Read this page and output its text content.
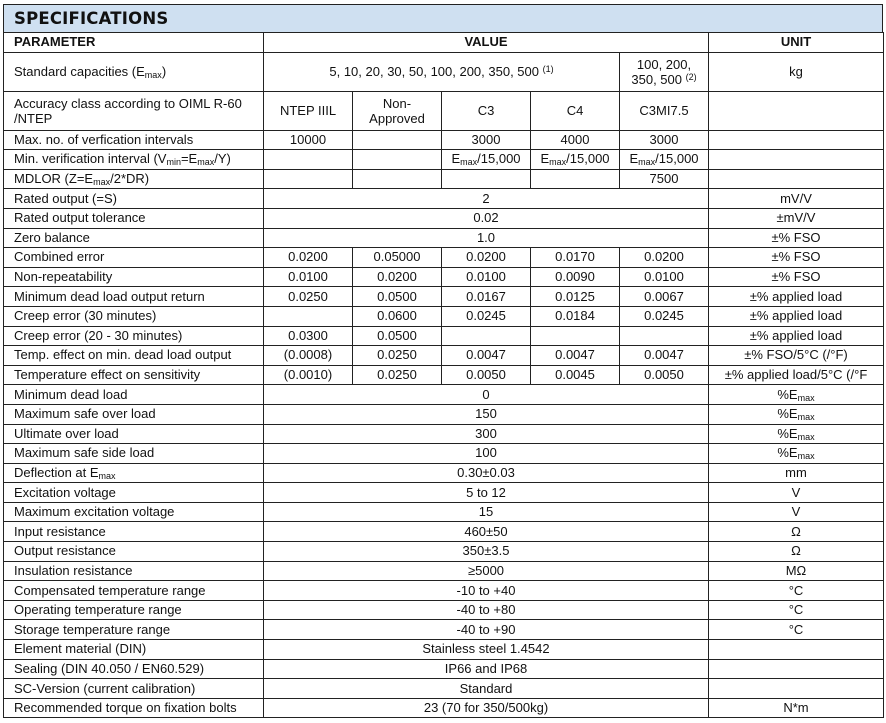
SPECIFICATIONS
PARAMETER	VALUE					UNIT
Standard capacities $(E_{max})$	5, 10, 20, 30, 50, 100, 200, 350, 500 $^{(1)}$				100, 200, 350, 500 $^{(2)}$	kg
Accuracy class according to OIML R-60 /NTEP	NTEP IIIL	Non-Approved	C3	C4	C3MI7.5	
Max. no. of verfication intervals	10000		3000	4000	3000	
Min. verification interval $(V_{min}=E_{max}/Y)$			$E_{max}/15,000$	$E_{max}/15,000$	$E_{max}/15,000$	
MDLOR $(Z=E_{max}/2*DR)$					7500	
Rated output (=S)	2					mV/V
Rated output tolerance	0.02					±mV/V
Zero balance	1.0					±% FSO
Combined error	0.0200	0.05000	0.0200	0.0170	0.0200	±% FSO
Non-repeatability	0.0100	0.0200	0.0100	0.0090	0.0100	±% FSO
Minimum dead load output return	0.0250	0.0500	0.0167	0.0125	0.0067	±% applied load
Creep error (30 minutes)		0.0600	0.0245	0.0184	0.0245	±% applied load
Creep error (20 - 30 minutes)	0.0300	0.0500				±% applied load
Temp. effect on min. dead load output	(0.0008)	0.0250	0.0047	0.0047	0.0047	±% FSO/5°C (/°F)
Temperature effect on sensitivity	(0.0010)	0.0250	0.0050	0.0045	0.0050	±% applied load/5°C (/°F
Minimum dead load	0					$\%E_{max}$
Maximum safe over load	150					$\%E_{max}$
Ultimate over load	300					$\%E_{max}$
Maximum safe side load	100					$\%E_{max}$
Deflection at $E_{max}$	0.30±0.03					mm
Excitation voltage	5 to 12					V
Maximum excitation voltage	15					V
Input resistance	460±50					Ω
Output resistance	350±3.5					Ω
Insulation resistance	≥5000					MΩ
Compensated temperature range	-10 to +40					°C
Operating temperature range	-40 to +80					°C
Storage temperature range	-40 to +90					°C
Element material (DIN)	Stainless steel 1.4542					
Sealing (DIN 40.050 / EN60.529)	IP66 and IP68					
SC-Version (current calibration)	Standard					
Recommended torque on fixation bolts	23 (70 for 350/500kg)					N*m
